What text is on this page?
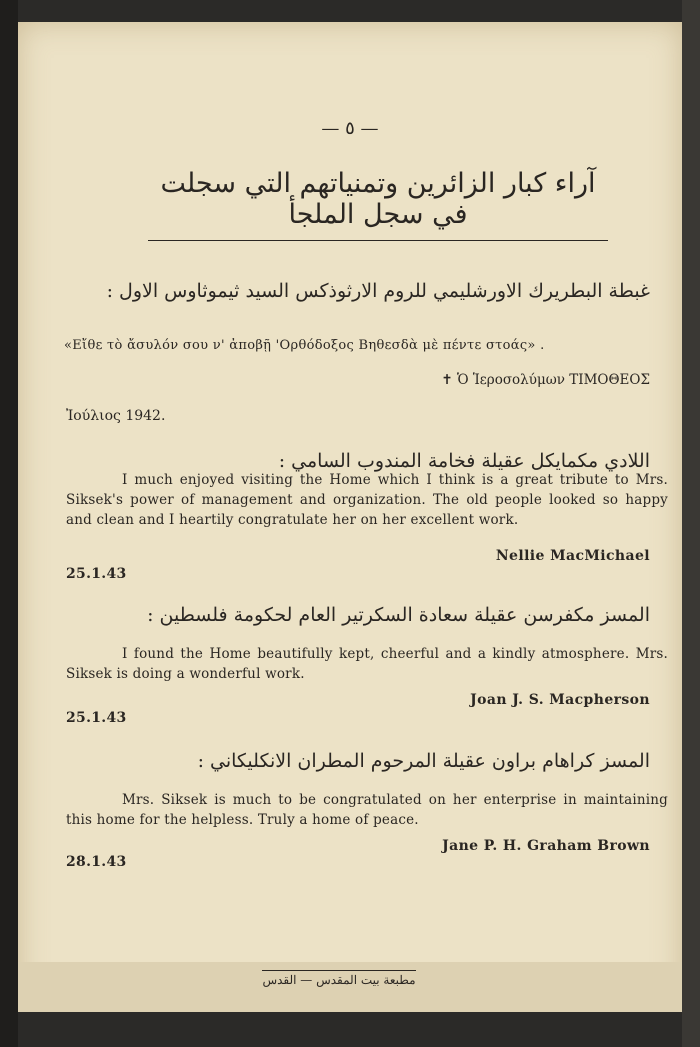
— ٥ —
آراء كبار الزائرين وتمنياتهم التي سجلت في سجل الملجأ
غبطة البطريرك الاورشليمي للروم الارثوذكس السيد ثيموثاوس الاول :
«Εἴθε τὸ ἄσυλόν σου ν' ἀποβῇ 'Ορθόδοξος Βηθεσδὰ μὲ πέντε στοάς» .
✝ Ὁ Ἱεροσολύμων ΤΙΜΟΘΕΟΣ
Ἰούλιος 1942.
اللادي مكمايكل عقيلة فخامة المندوب السامي :
I much enjoyed visiting the Home which I think is a great tribute to Mrs. Siksek's power of management and organization. The old people looked so happy and clean and I heartily congratulate her on her excellent work.
Nellie MacMichael
25.1.43
المسز مكفرسن عقيلة سعادة السكرتير العام لحكومة فلسطين :
I found the Home beautifully kept, cheerful and a kindly atmosphere. Mrs. Siksek is doing a wonderful work.
Joan J. S. Macpherson
25.1.43
المسز كراهام براون عقيلة المرحوم المطران الانكليكاني :
Mrs. Siksek is much to be congratulated on her enterprise in maintaining this home for the helpless. Truly a home of peace.
Jane P. H. Graham Brown
28.1.43
مطبعة بيت المقدس — القدس
